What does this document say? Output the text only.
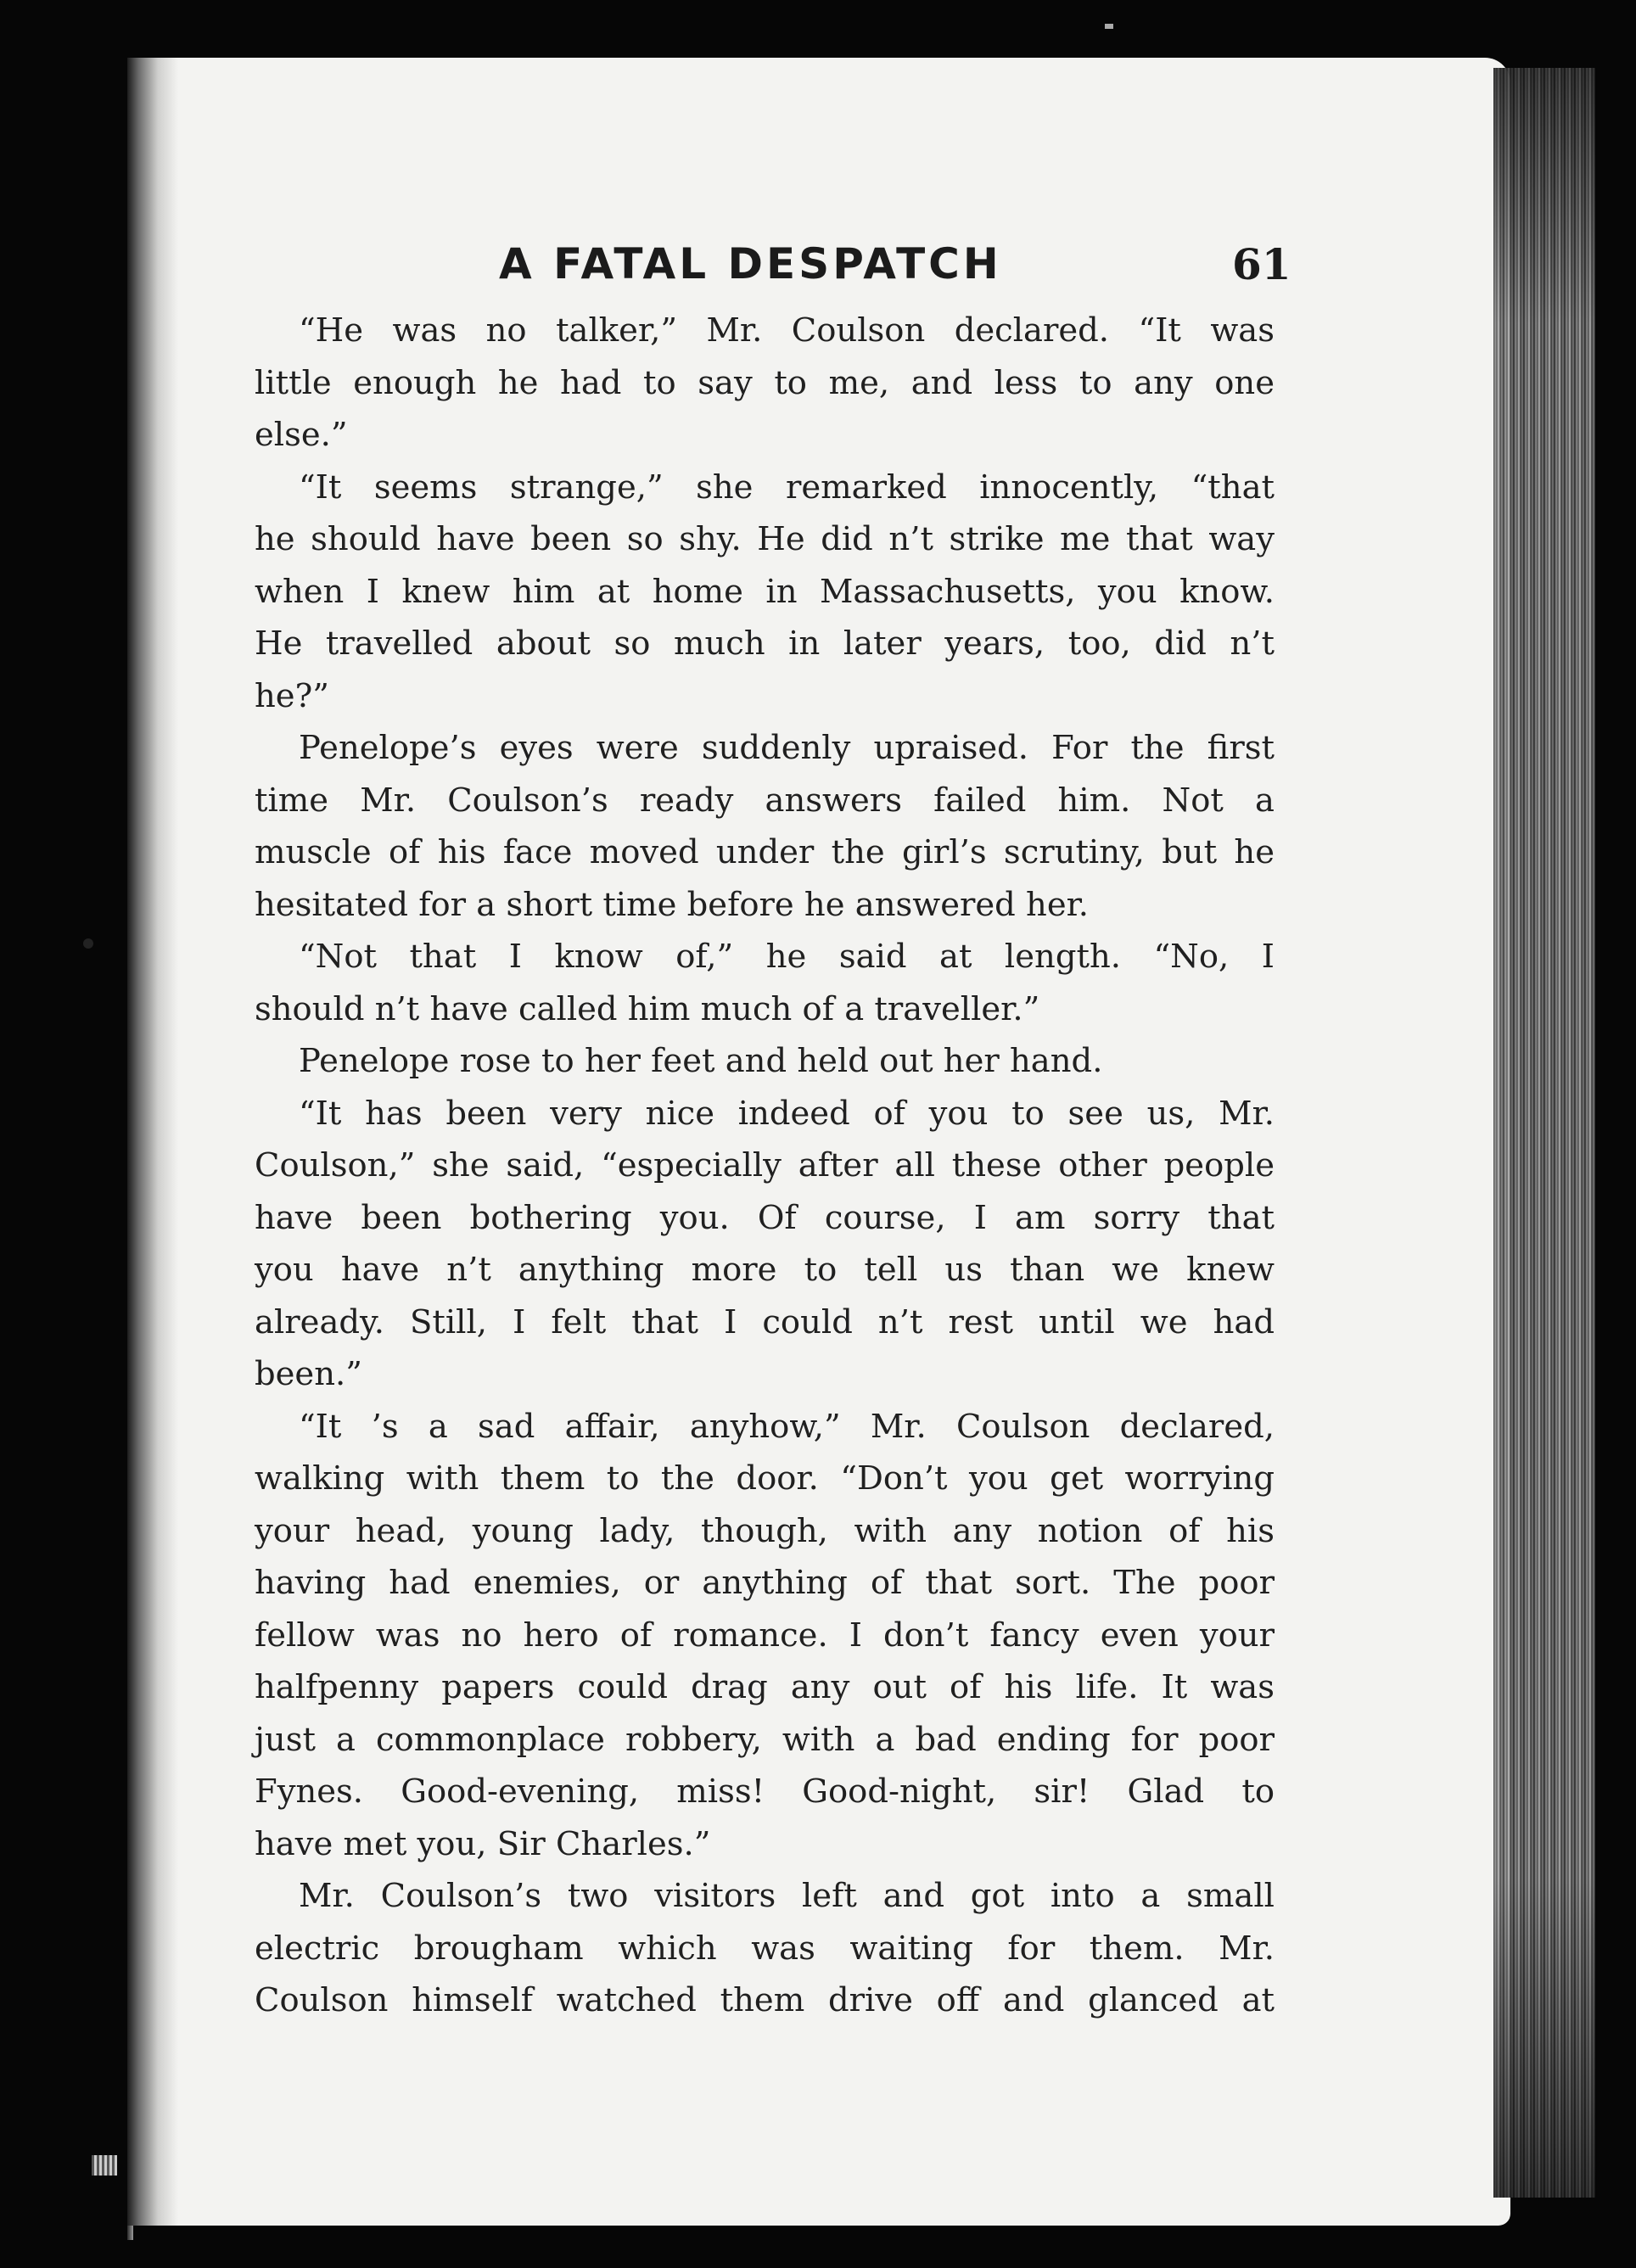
A FATAL DESPATCH	61
“He was no talker,” Mr. Coulson declared. “It was
little enough he had to say to me, and less to any one
else.”
“It seems strange,” she remarked innocently, “that
he should have been so shy. He did n’t strike me that way
when I knew him at home in Massachusetts, you know.
He travelled about so much in later years, too, did n’t
he?”
Penelope’s eyes were suddenly upraised. For the first
time Mr. Coulson’s ready answers failed him. Not a
muscle of his face moved under the girl’s scrutiny, but he
hesitated for a short time before he answered her.
“Not that I know of,” he said at length. “No, I
should n’t have called him much of a traveller.”
Penelope rose to her feet and held out her hand.
“It has been very nice indeed of you to see us, Mr.
Coulson,” she said, “especially after all these other people
have been bothering you. Of course, I am sorry that
you have n’t anything more to tell us than we knew
already. Still, I felt that I could n’t rest until we had
been.”
“It ’s a sad affair, anyhow,” Mr. Coulson declared,
walking with them to the door. “Don’t you get worrying
your head, young lady, though, with any notion of his
having had enemies, or anything of that sort. The poor
fellow was no hero of romance. I don’t fancy even your
halfpenny papers could drag any out of his life. It was
just a commonplace robbery, with a bad ending for poor
Fynes. Good-evening, miss! Good-night, sir! Glad to
have met you, Sir Charles.”
Mr. Coulson’s two visitors left and got into a small
electric brougham which was waiting for them. Mr.
Coulson himself watched them drive off and glanced at
